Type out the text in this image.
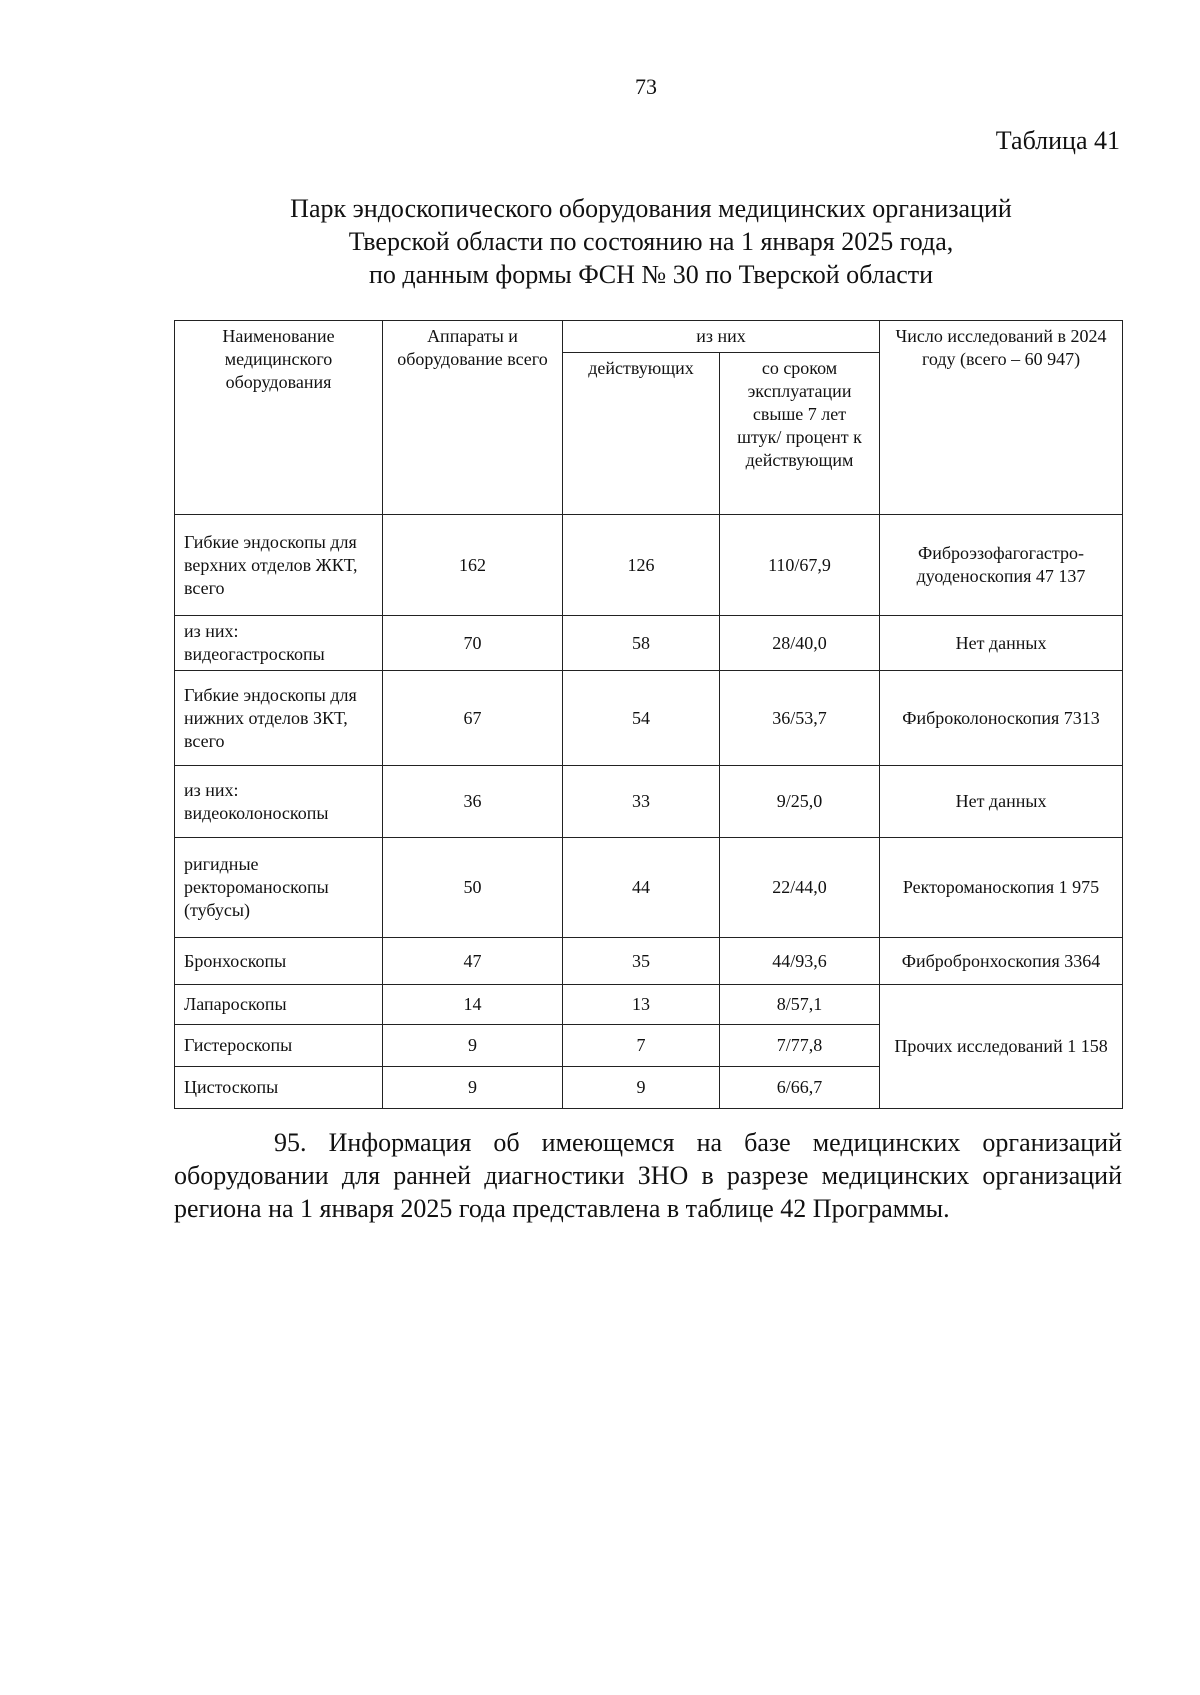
73
Таблица 41
Парк эндоскопического оборудования медицинских организаций
Тверской области по состоянию на 1 января 2025 года,
по данным формы ФСН № 30 по Тверской области
Наименование медицинского оборудования	Аппараты и оборудование всего	из них		Число исследований в 2024 году (всего – 60 947)
		действующих	со сроком эксплуатации свыше 7 лет штук/ процент к действующим	
Гибкие эндоскопы для верхних отделов ЖКТ, всего	162	126	110/67,9	Фиброэзофагогастро-дуоденоскопия 47 137
из них: видеогастроскопы	70	58	28/40,0	Нет данных
Гибкие эндоскопы для нижних отделов ЗКТ, всего	67	54	36/53,7	Фиброколоноскопия 7313
из них: видеоколоноскопы	36	33	9/25,0	Нет данных
ригидные ректороманоскопы (тубусы)	50	44	22/44,0	Ректороманоскопия 1 975
Бронхоскопы	47	35	44/93,6	Фибробронхоскопия 3364
Лапароскопы	14	13	8/57,1	Прочих исследований 1 158
Гистероскопы	9	7	7/77,8	
Цистоскопы	9	9	6/66,7	
95. Информация об имеющемся на базе медицинских организаций оборудовании для ранней диагностики ЗНО в разрезе медицинских организаций региона на 1 января 2025 года представлена в таблице 42 Программы.
